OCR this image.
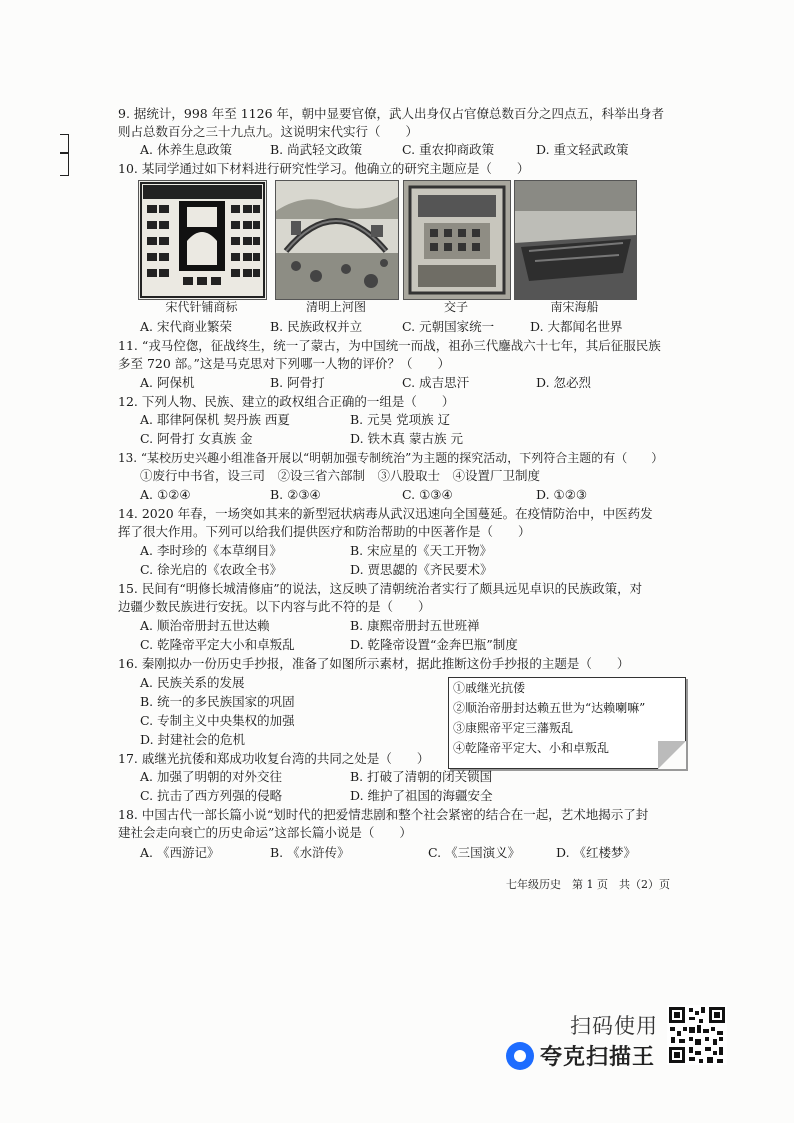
9. 据统计，998 年至 1126 年，朝中显要官僚，武人出身仅占官僚总数百分之四点五，科举出身者
则占总数百分之三十九点九。这说明宋代实行（　　）
A. 休养生息政策	B. 尚武轻文政策	C. 重农抑商政策	D. 重文轻武政策
10. 某同学通过如下材料进行研究性学习。他确立的研究主题应是（　　）
宋代针铺商标	清明上河图	交子	南宋海船
A. 宋代商业繁荣	B. 民族政权并立	C. 元朝国家统一	D. 大都闻名世界
11. “戎马倥偬，征战终生，统一了蒙古，为中国统一而战，祖孙三代鏖战六十七年，其后征服民族
多至 720 部。”这是马克思对下列哪一人物的评价？（　　）
A. 阿保机	B. 阿骨打	C. 成吉思汗	D. 忽必烈
12. 下列人物、民族、建立的政权组合正确的一组是（　　）
A. 耶律阿保机 契丹族 西夏	B. 元昊 党项族 辽
C. 阿骨打 女真族 金	D. 铁木真 蒙古族 元
13. “某校历史兴趣小组准备开展以“明朝加强专制统治”为主题的探究活动，下列符合主题的有（　　）
①废行中书省，设三司　②设三省六部制　③八股取士　④设置厂卫制度
A. ①②④	B. ②③④	C. ①③④	D. ①②③
14. 2020 年春，一场突如其来的新型冠状病毒从武汉迅速向全国蔓延。在疫情防治中，中医药发
挥了很大作用。下列可以给我们提供医疗和防治帮助的中医著作是（　　）
A. 李时珍的《本草纲目》	B. 宋应星的《天工开物》
C. 徐光启的《农政全书》	D. 贾思勰的《齐民要术》
15. 民间有“明修长城清修庙”的说法，这反映了清朝统治者实行了颇具远见卓识的民族政策，对
边疆少数民族进行安抚。以下内容与此不符的是（　　）
A. 顺治帝册封五世达赖	B. 康熙帝册封五世班禅
C. 乾隆帝平定大小和卓叛乱	D. 乾隆帝设置“金奔巴瓶”制度
16. 秦刚拟办一份历史手抄报，准备了如图所示素材，据此推断这份手抄报的主题是（　　）
A. 民族关系的发展
B. 统一的多民族国家的巩固
C. 专制主义中央集权的加强
D. 封建社会的危机
①戚继光抗倭
②顺治帝册封达赖五世为“达赖喇嘛”
③康熙帝平定三藩叛乱
④乾隆帝平定大、小和卓叛乱
17. 戚继光抗倭和郑成功收复台湾的共同之处是（　　）
A. 加强了明朝的对外交往	B. 打破了清朝的闭关锁国
C. 抗击了西方列强的侵略	D. 维护了祖国的海疆安全
18. 中国古代一部长篇小说“划时代的把爱情悲剧和整个社会紧密的结合在一起，艺术地揭示了封
建社会走向衰亡的历史命运”这部长篇小说是（　　）
A. 《西游记》	B. 《水浒传》	C. 《三国演义》	D. 《红楼梦》
七年级历史　第 1 页　共（2）页
扫码使用
夸克扫描王
